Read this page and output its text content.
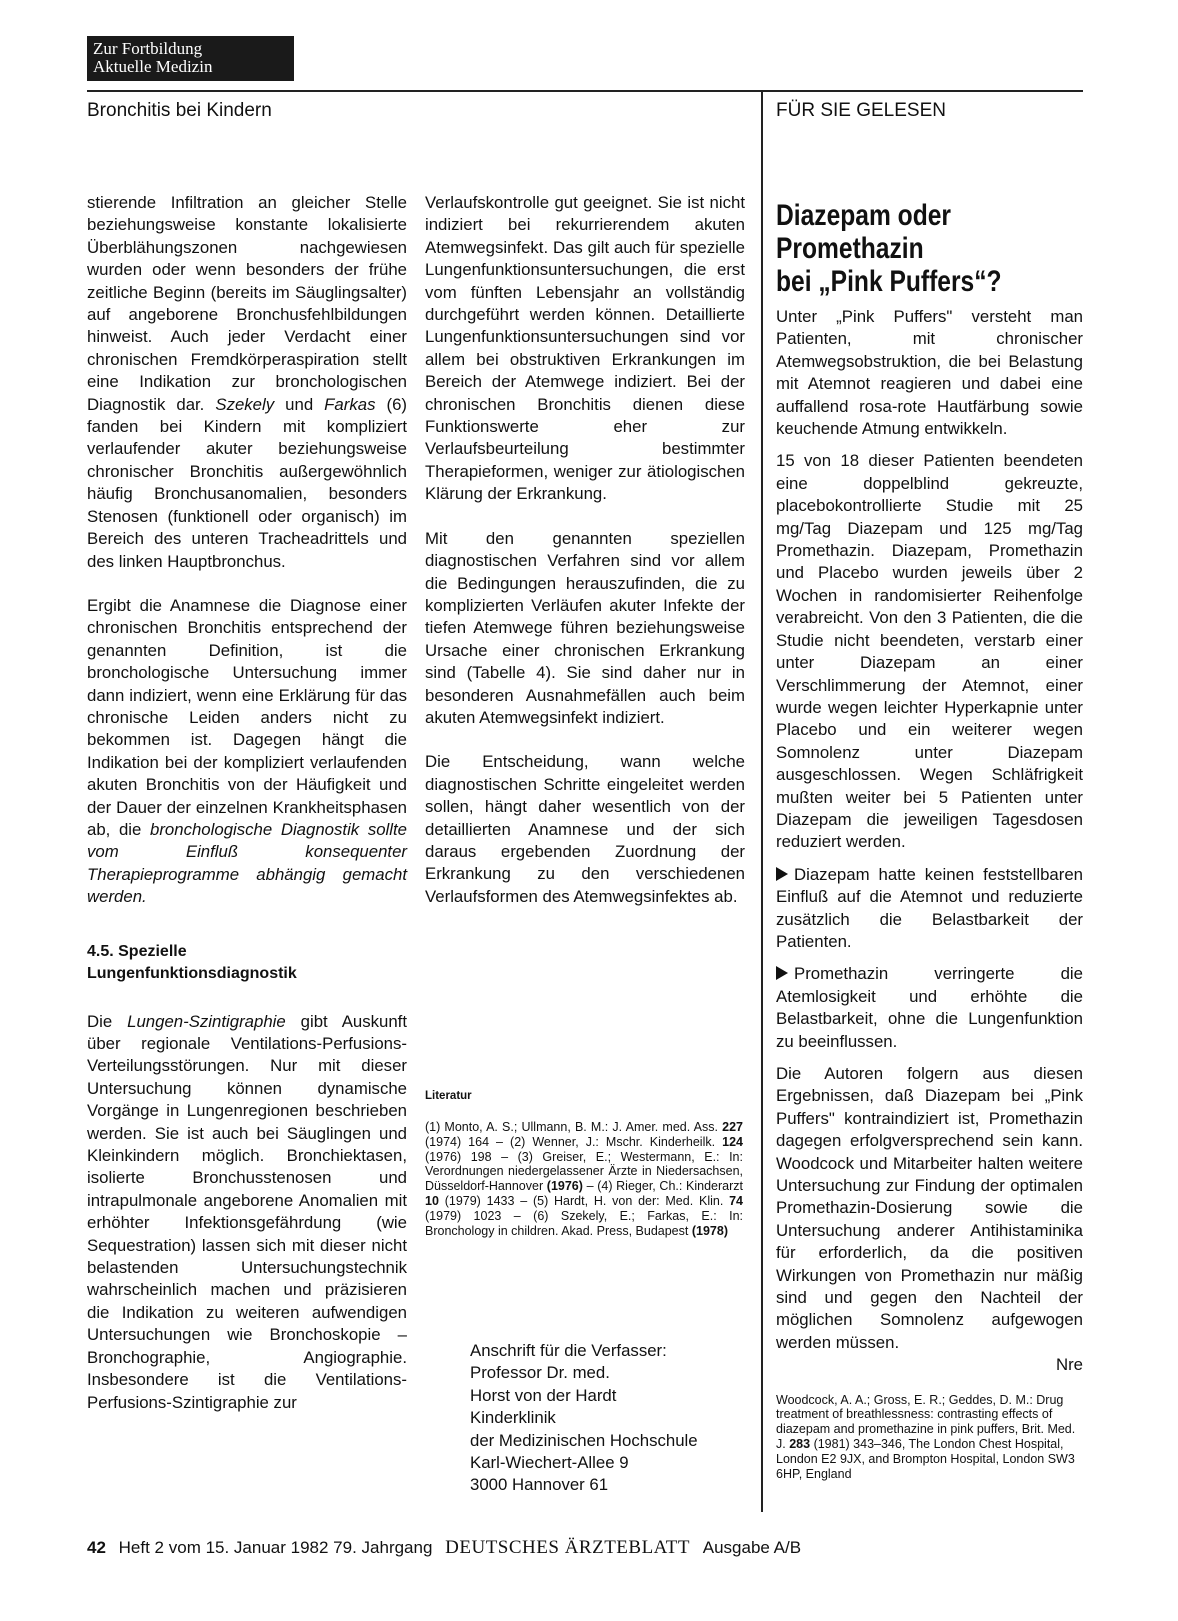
Zur Fortbildung
Aktuelle Medizin
Bronchitis bei Kindern	FÜR SIE GELESEN

stierende Infiltration an gleicher Stelle beziehungsweise konstante lokalisierte Überblähungszonen nachgewiesen wurden oder wenn besonders der frühe zeitliche Beginn (bereits im Säuglingsalter) auf angeborene Bronchusfehlbildungen hinweist. Auch jeder Verdacht einer chronischen Fremdkörperaspiration stellt eine Indikation zur bronchologischen Diagnostik dar. Szekely und Farkas (6) fanden bei Kindern mit kompliziert verlaufender akuter beziehungsweise chronischer Bronchitis außergewöhnlich häufig Bronchusanomalien, besonders Stenosen (funktionell oder organisch) im Bereich des unteren Tracheadrittels und des linken Hauptbronchus.

Ergibt die Anamnese die Diagnose einer chronischen Bronchitis entsprechend der genannten Definition, ist die bronchologische Untersuchung immer dann indiziert, wenn eine Erklärung für das chronische Leiden anders nicht zu bekommen ist. Dagegen hängt die Indikation bei der kompliziert verlaufenden akuten Bronchitis von der Häufigkeit und der Dauer der einzelnen Krankheitsphasen ab, die bronchologische Diagnostik sollte vom Einfluß konsequenter Therapieprogramme abhängig gemacht werden.

4.5. Spezielle
Lungenfunktionsdiagnostik

Die Lungen-Szintigraphie gibt Auskunft über regionale Ventilations-Perfusions-Verteilungsstörungen. Nur mit dieser Untersuchung können dynamische Vorgänge in Lungenregionen beschrieben werden. Sie ist auch bei Säuglingen und Kleinkindern möglich. Bronchiektasen, isolierte Bronchusstenosen und intrapulmonale angeborene Anomalien mit erhöhter Infektionsgefährdung (wie Sequestration) lassen sich mit dieser nicht belastenden Untersuchungstechnik wahrscheinlich machen und präzisieren die Indikation zu weiteren aufwendigen Untersuchungen wie Bronchoskopie – Bronchographie, Angiographie. Insbesondere ist die Ventilations-Perfusions-Szintigraphie zur

Verlaufskontrolle gut geeignet. Sie ist nicht indiziert bei rekurrierendem akuten Atemwegsinfekt. Das gilt auch für spezielle Lungenfunktionsuntersuchungen, die erst vom fünften Lebensjahr an vollständig durchgeführt werden können. Detaillierte Lungenfunktionsuntersuchungen sind vor allem bei obstruktiven Erkrankungen im Bereich der Atemwege indiziert. Bei der chronischen Bronchitis dienen diese Funktionswerte eher zur Verlaufsbeurteilung bestimmter Therapieformen, weniger zur ätiologischen Klärung der Erkrankung.

Mit den genannten speziellen diagnostischen Verfahren sind vor allem die Bedingungen herauszufinden, die zu komplizierten Verläufen akuter Infekte der tiefen Atemwege führen beziehungsweise Ursache einer chronischen Erkrankung sind (Tabelle 4). Sie sind daher nur in besonderen Ausnahmefällen auch beim akuten Atemwegsinfekt indiziert.

Die Entscheidung, wann welche diagnostischen Schritte eingeleitet werden sollen, hängt daher wesentlich von der detaillierten Anamnese und der sich daraus ergebenden Zuordnung der Erkrankung zu den verschiedenen Verlaufsformen des Atemwegsinfektes ab.

Literatur
(1) Monto, A. S.; Ullmann, B. M.: J. Amer. med. Ass. 227 (1974) 164 – (2) Wenner, J.: Mschr. Kinderheilk. 124 (1976) 198 – (3) Greiser, E.; Westermann, E.: In: Verordnungen niedergelassener Ärzte in Niedersachsen, Düsseldorf-Hannover (1976) – (4) Rieger, Ch.: Kinderarzt 10 (1979) 1433 – (5) Hardt, H. von der: Med. Klin. 74 (1979) 1023 – (6) Szekely, E.; Farkas, E.: In: Bronchology in children. Akad. Press, Budapest (1978)
Anschrift für die Verfasser:
Professor Dr. med.
Horst von der Hardt
Kinderklinik
der Medizinischen Hochschule
Karl-Wiechert-Allee 9
3000 Hannover 61
Diazepam oder
Promethazin
bei „Pink Puffers“?

Unter „Pink Puffers" versteht man Patienten, mit chronischer Atemwegsobstruktion, die bei Belastung mit Atemnot reagieren und dabei eine auffallend rosa-rote Hautfärbung sowie keuchende Atmung entwikkeln.

15 von 18 dieser Patienten beendeten eine doppelblind gekreuzte, placebokontrollierte Studie mit 25 mg/Tag Diazepam und 125 mg/Tag Promethazin. Diazepam, Promethazin und Placebo wurden jeweils über 2 Wochen in randomisierter Reihenfolge verabreicht. Von den 3 Patienten, die die Studie nicht beendeten, verstarb einer unter Diazepam an einer Verschlimmerung der Atemnot, einer wurde wegen leichter Hyperkapnie unter Placebo und ein weiterer wegen Somnolenz unter Diazepam ausgeschlossen. Wegen Schläfrigkeit mußten weiter bei 5 Patienten unter Diazepam die jeweiligen Tagesdosen reduziert werden.

Diazepam hatte keinen feststellbaren Einfluß auf die Atemnot und reduzierte zusätzlich die Belastbarkeit der Patienten.

Promethazin verringerte die Atemlosigkeit und erhöhte die Belastbarkeit, ohne die Lungenfunktion zu beeinflussen.

Die Autoren folgern aus diesen Ergebnissen, daß Diazepam bei „Pink Puffers" kontraindiziert ist, Promethazin dagegen erfolgversprechend sein kann. Woodcock und Mitarbeiter halten weitere Untersuchung zur Findung der optimalen Promethazin-Dosierung sowie die Untersuchung anderer Antihistaminika für erforderlich, da die positiven Wirkungen von Promethazin nur mäßig sind und gegen den Nachteil der möglichen Somnolenz aufgewogen werden müssen.

Nre
Woodcock, A. A.; Gross, E. R.; Geddes, D. M.: Drug treatment of breathlessness: contrasting effects of diazepam and promethazine in pink puffers, Brit. Med. J. 283 (1981) 343–346, The London Chest Hospital, London E2 9JX, and Brompton Hospital, London SW3 6HP, England
42 Heft 2 vom 15. Januar 1982 79. Jahrgang DEUTSCHES ÄRZTEBLATT Ausgabe A/B
